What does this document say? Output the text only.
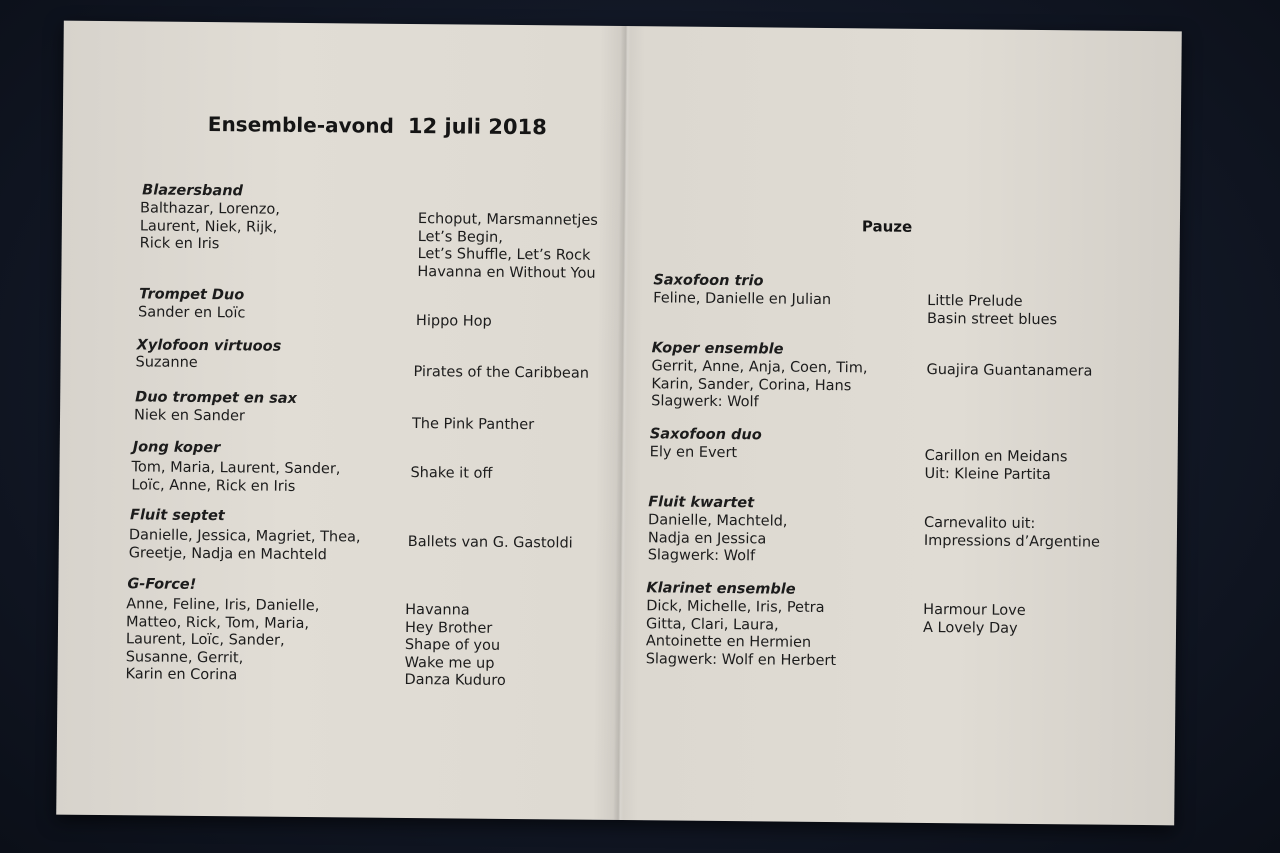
Ensemble-avond 12 juli 2018
Blazersband
Balthazar, Lorenzo,
Laurent, Niek, Rijk,
Rick en Iris
Echoput, Marsmannetjes
Let’s Begin,
Let’s Shuffle, Let’s Rock
Havanna en Without You
Trompet Duo
Sander en Loïc
Hippo Hop
Xylofoon virtuoos
Suzanne
Pirates of the Caribbean
Duo trompet en sax
Niek en Sander
The Pink Panther
Jong koper
Tom, Maria, Laurent, Sander,
Loïc, Anne, Rick en Iris
Shake it off
Fluit septet
Danielle, Jessica, Magriet, Thea,
Greetje, Nadja en Machteld
Ballets van G. Gastoldi
G-Force!
Anne, Feline, Iris, Danielle,
Matteo, Rick, Tom, Maria,
Laurent, Loïc, Sander,
Susanne, Gerrit,
Karin en Corina
Havanna
Hey Brother
Shape of you
Wake me up
Danza Kuduro
Pauze
Saxofoon trio
Feline, Danielle en Julian	Little Prelude
Basin street blues
Koper ensemble
Gerrit, Anne, Anja, Coen, Tim,
Karin, Sander, Corina, Hans
Slagwerk: Wolf
Guajira Guantanamera
Saxofoon duo
Ely en Evert	Carillon en Meidans
Uit: Kleine Partita
Fluit kwartet
Danielle, Machteld,
Nadja en Jessica
Slagwerk: Wolf
Carnevalito uit:
Impressions d’Argentine
Klarinet ensemble
Dick, Michelle, Iris, Petra
Gitta, Clari, Laura,
Antoinette en Hermien
Slagwerk: Wolf en Herbert
Harmour Love
A Lovely Day
